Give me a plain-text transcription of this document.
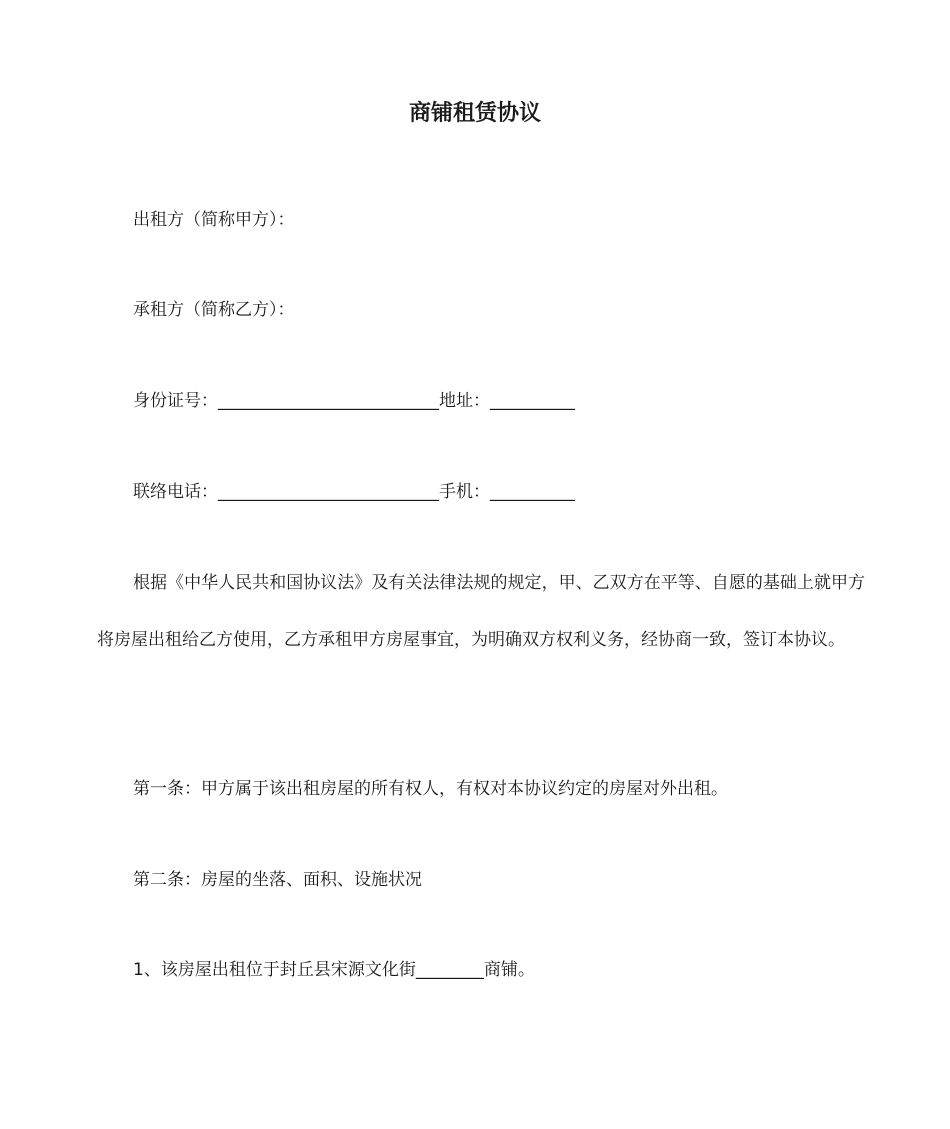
商铺租赁协议

出租方（简称甲方）：

承租方（简称乙方）：

身份证号：__________________________地址：__________

联络电话：__________________________手机：__________

根据《中华人民共和国协议法》及有关法律法规的规定，甲、乙双方在平等、自愿的基础上就甲方将房屋出租给乙方使用，乙方承租甲方房屋事宜，为明确双方权利义务，经协商一致，签订本协议。

第一条：甲方属于该出租房屋的所有权人，有权对本协议约定的房屋对外出租。

第二条：房屋的坐落、面积、设施状况

1、该房屋出租位于封丘县宋源文化街________商铺。
